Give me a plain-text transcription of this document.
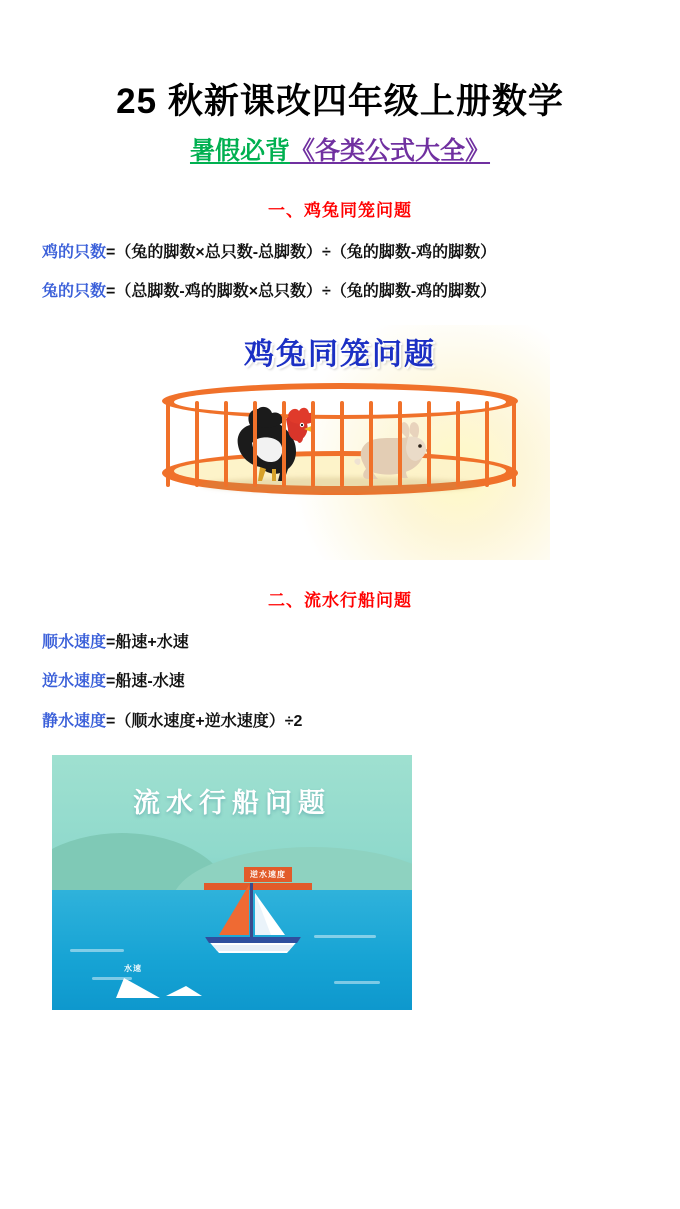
25 秋新课改四年级上册数学
暑假必背《各类公式大全》
一、鸡兔同笼问题

鸡的只数=（兔的脚数×总只数-总脚数）÷（兔的脚数-鸡的脚数）

兔的只数=（总脚数-鸡的脚数×总只数）÷（兔的脚数-鸡的脚数）

鸡兔同笼问题
二、流水行船问题

顺水速度=船速+水速

逆水速度=船速-水速

静水速度=（顺水速度+逆水速度）÷2

流水行船问题
逆水速度
水速
